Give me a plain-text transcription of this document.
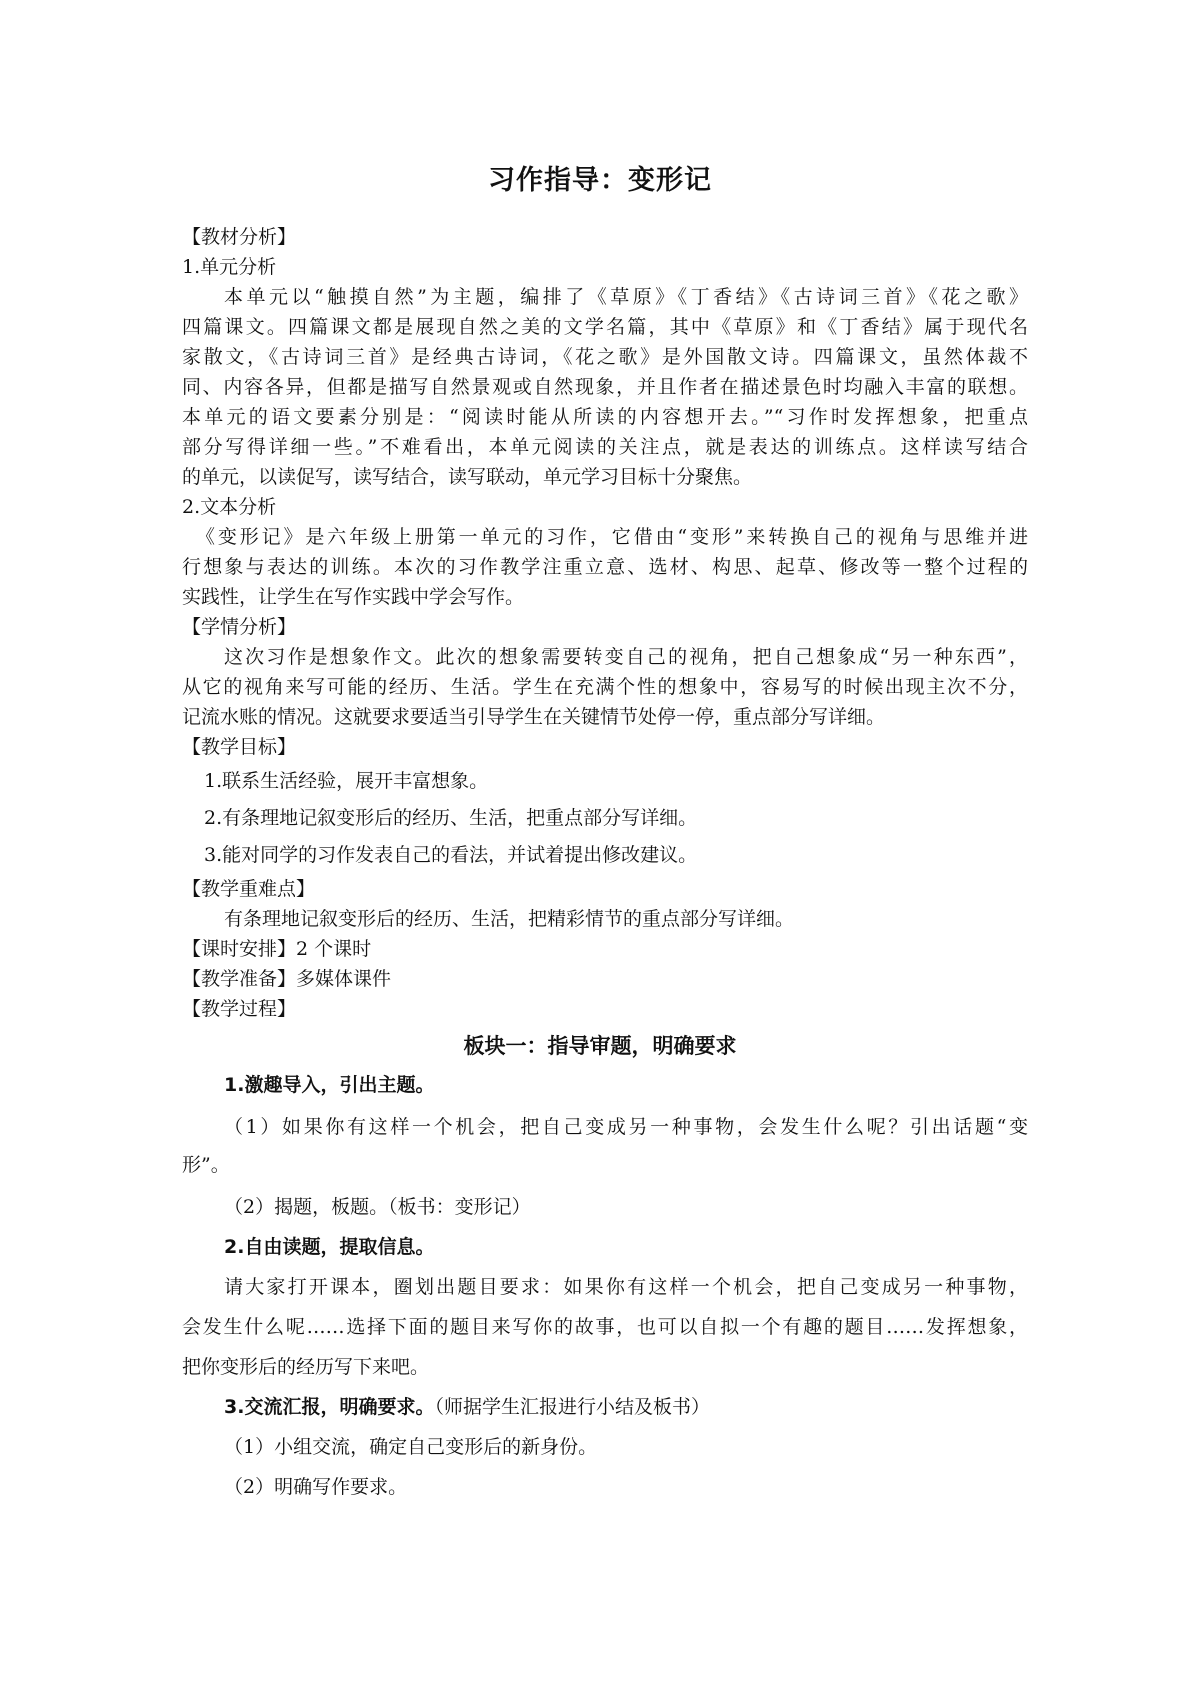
习作指导：变形记
【教材分析】
1.单元分析
本单元以“触摸自然”为主题，编排了《草原》《丁香结》《古诗词三首》《花之歌》
四篇课文。四篇课文都是展现自然之美的文学名篇，其中《草原》和《丁香结》属于现代名
家散文，《古诗词三首》是经典古诗词，《花之歌》是外国散文诗。四篇课文，虽然体裁不
同、内容各异，但都是描写自然景观或自然现象，并且作者在描述景色时均融入丰富的联想。
本单元的语文要素分别是：“阅读时能从所读的内容想开去。”“习作时发挥想象，把重点
部分写得详细一些。”不难看出，本单元阅读的关注点，就是表达的训练点。这样读写结合
的单元，以读促写，读写结合，读写联动，单元学习目标十分聚焦。
2.文本分析
《变形记》是六年级上册第一单元的习作，它借由“变形”来转换自己的视角与思维并进
行想象与表达的训练。本次的习作教学注重立意、选材、构思、起草、修改等一整个过程的
实践性，让学生在写作实践中学会写作。
【学情分析】
这次习作是想象作文。此次的想象需要转变自己的视角，把自己想象成“另一种东西”，
从它的视角来写可能的经历、生活。学生在充满个性的想象中，容易写的时候出现主次不分，
记流水账的情况。这就要求要适当引导学生在关键情节处停一停，重点部分写详细。
【教学目标】
1.联系生活经验，展开丰富想象。
2.有条理地记叙变形后的经历、生活，把重点部分写详细。
3.能对同学的习作发表自己的看法，并试着提出修改建议。
【教学重难点】
有条理地记叙变形后的经历、生活，把精彩情节的重点部分写详细。
【课时安排】2 个课时
【教学准备】多媒体课件
【教学过程】
板块一：指导审题，明确要求
1.激趣导入，引出主题。
（1）如果你有这样一个机会，把自己变成另一种事物，会发生什么呢？引出话题“变
形”。
（2）揭题，板题。（板书：变形记）
2.自由读题，提取信息。
请大家打开课本，圈划出题目要求：如果你有这样一个机会，把自己变成另一种事物，
会发生什么呢……选择下面的题目来写你的故事，也可以自拟一个有趣的题目……发挥想象，
把你变形后的经历写下来吧。
3.交流汇报，明确要求。（师据学生汇报进行小结及板书）
（1）小组交流，确定自己变形后的新身份。
（2）明确写作要求。
